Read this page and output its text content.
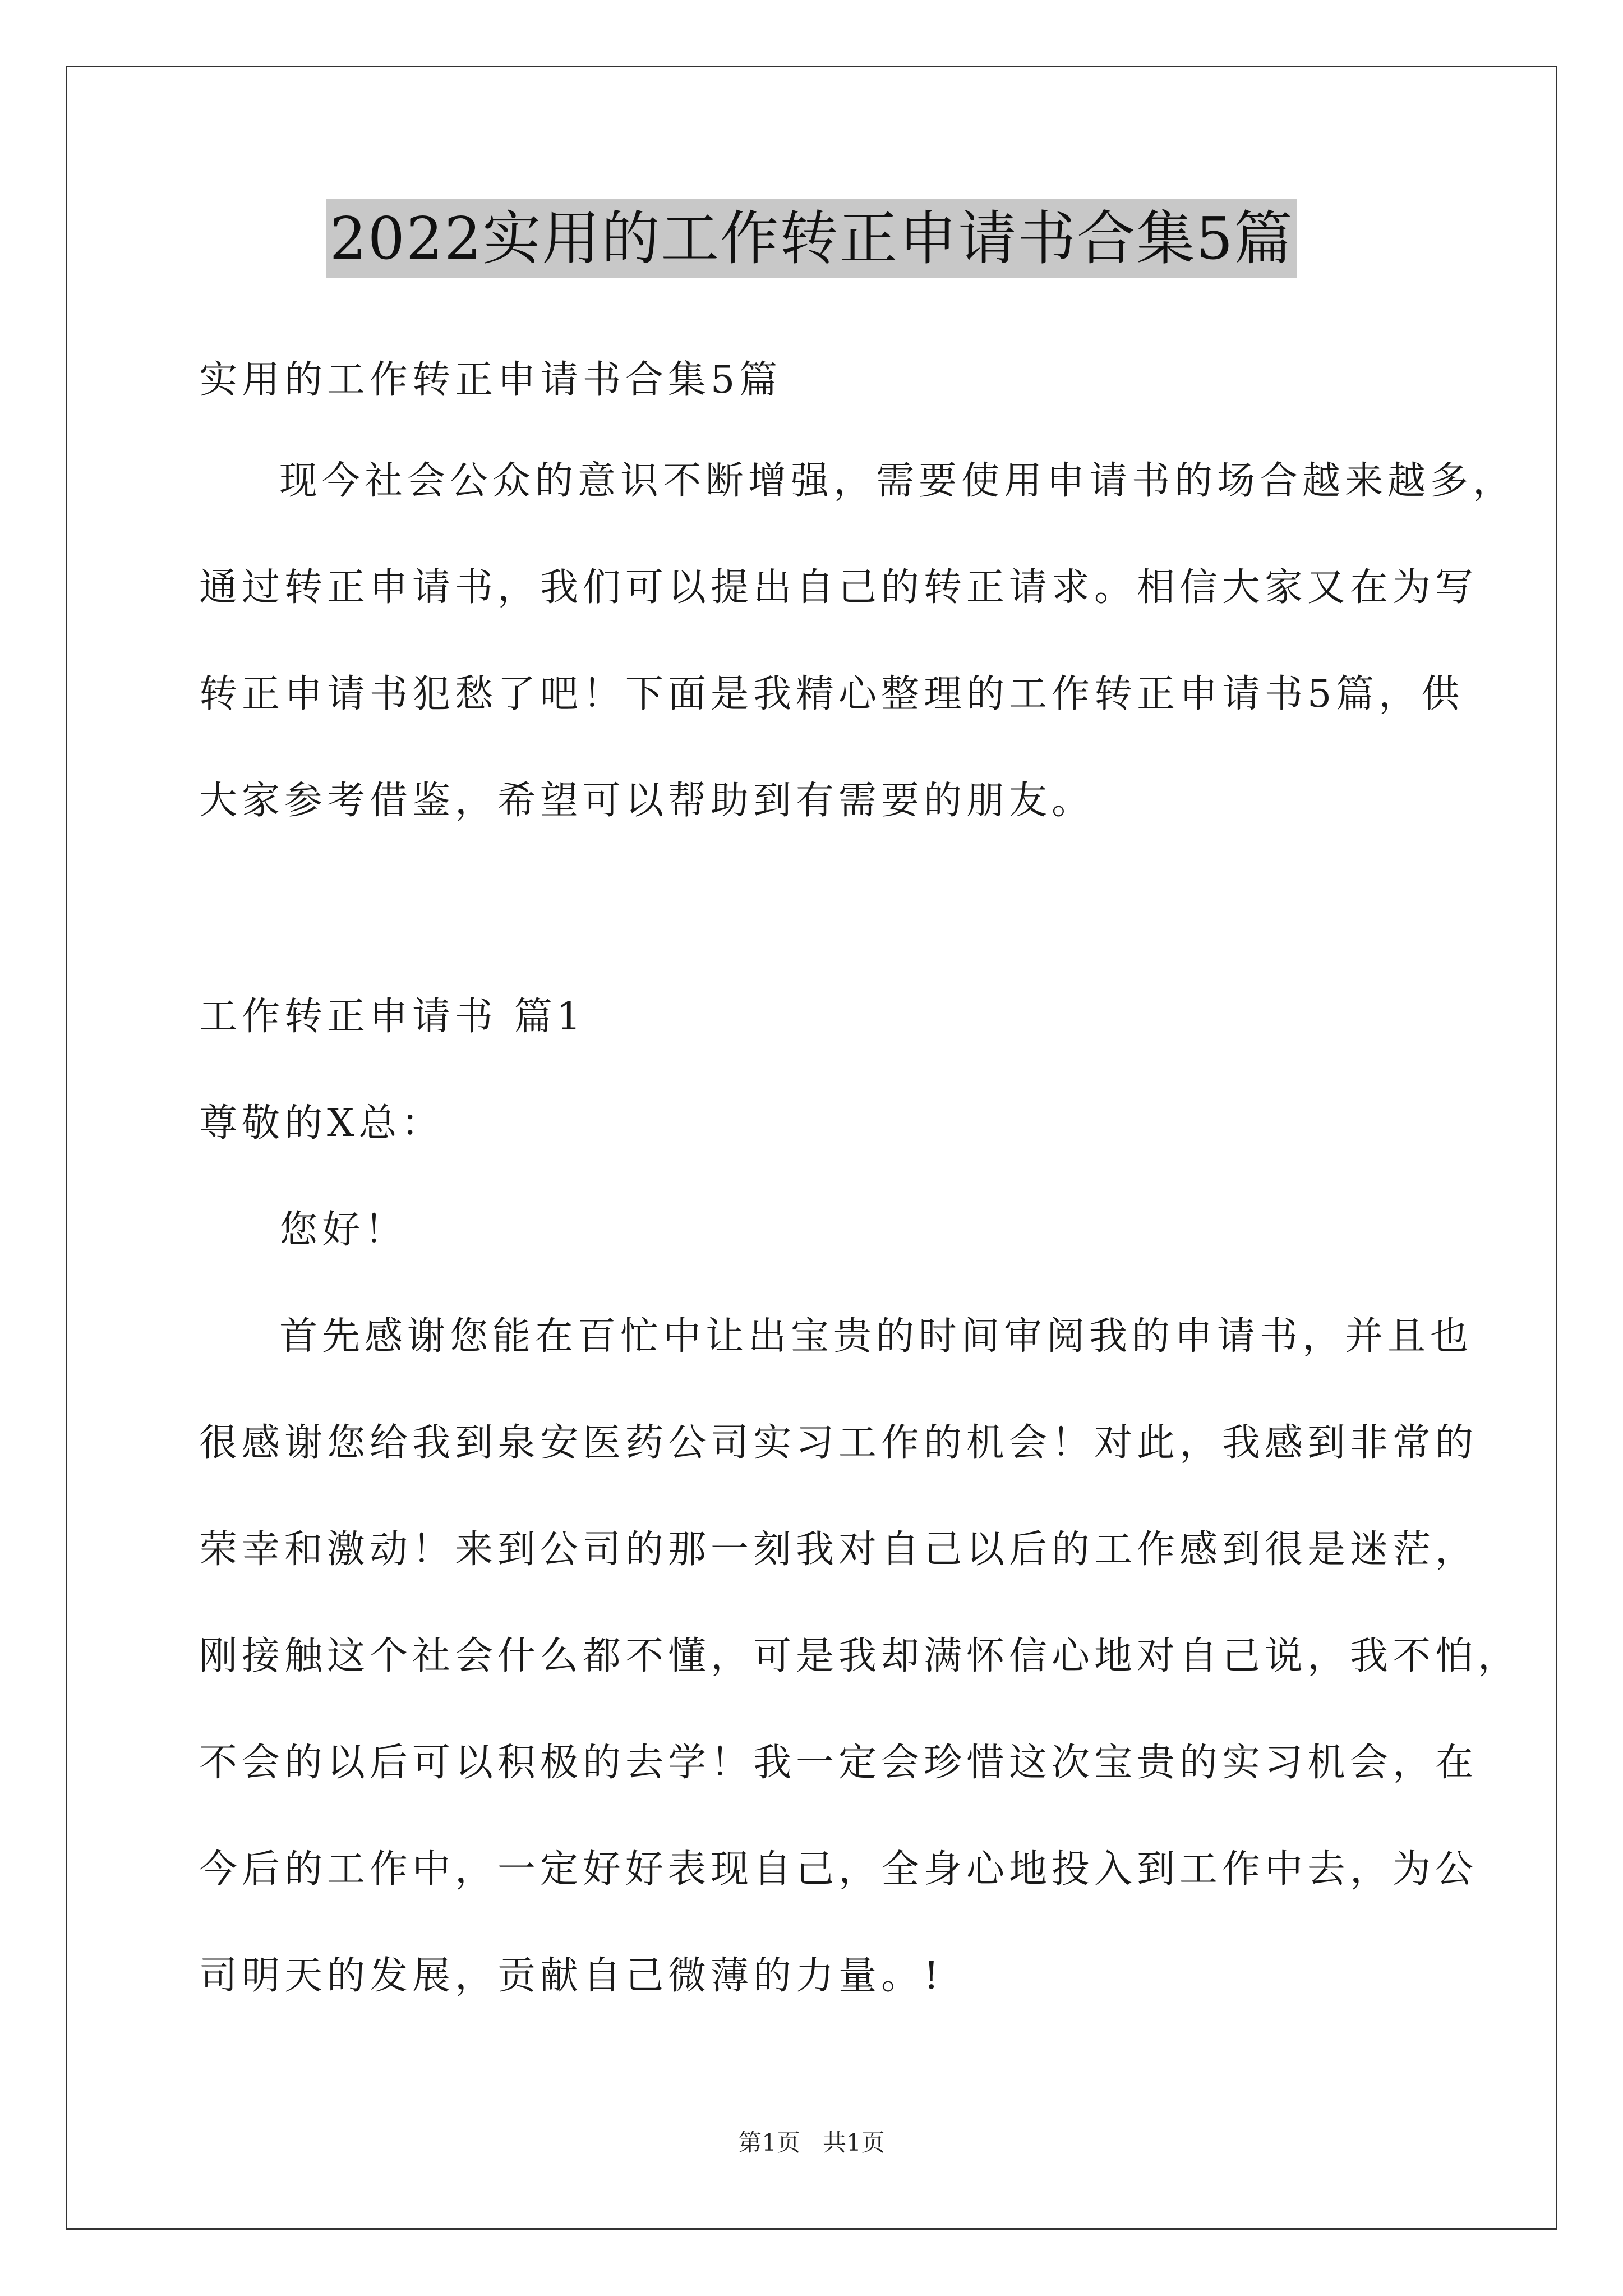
2022实用的工作转正申请书合集5篇
实用的工作转正申请书合集5篇
现今社会公众的意识不断增强，需要使用申请书的场合越来越多，
通过转正申请书，我们可以提出自己的转正请求。相信大家又在为写
转正申请书犯愁了吧！下面是我精心整理的工作转正申请书5篇，供
大家参考借鉴，希望可以帮助到有需要的朋友。
工作转正申请书 篇1
尊敬的X总：
您好！
首先感谢您能在百忙中让出宝贵的时间审阅我的申请书，并且也
很感谢您给我到泉安医药公司实习工作的机会！对此，我感到非常的
荣幸和激动！来到公司的那一刻我对自己以后的工作感到很是迷茫，
刚接触这个社会什么都不懂，可是我却满怀信心地对自己说，我不怕，
不会的以后可以积极的去学！我一定会珍惜这次宝贵的实习机会，在
今后的工作中，一定好好表现自己，全身心地投入到工作中去，为公
司明天的发展，贡献自己微薄的力量。!
第1页   共1页
